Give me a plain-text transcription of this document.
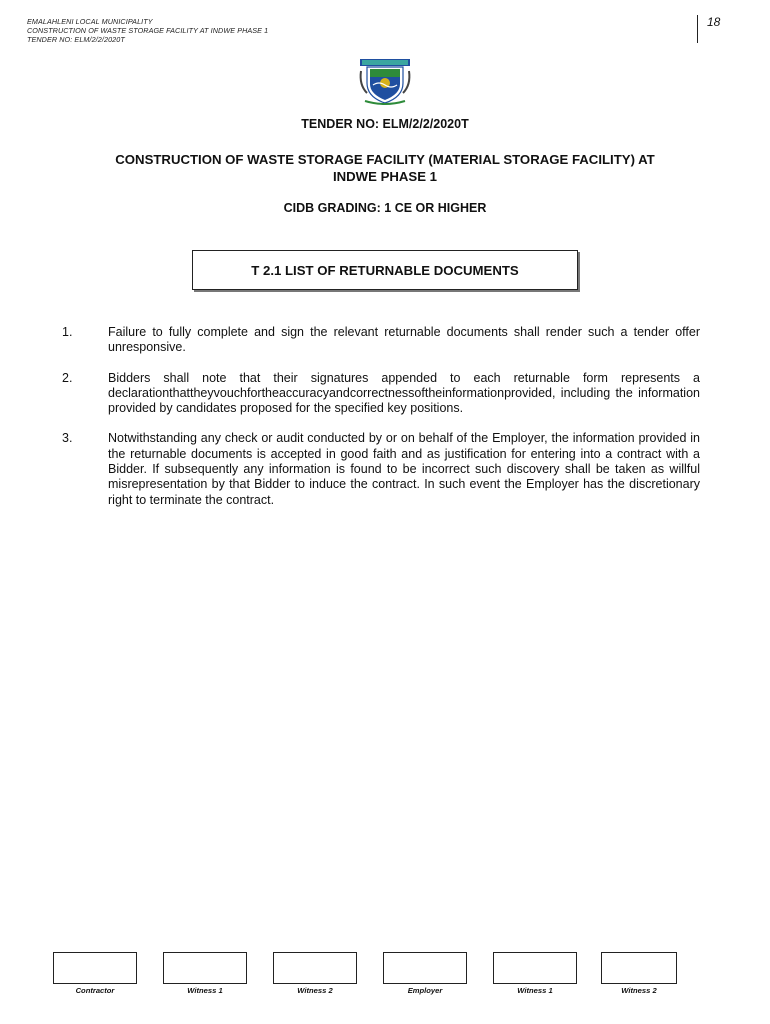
EMALAHLENI LOCAL MUNICIPALITY
CONSTRUCTION OF WASTE STORAGE FACILITY AT INDWE PHASE 1
TENDER NO: ELM/2/2/2020T
18
TENDER NO: ELM/2/2/2020T
CONSTRUCTION OF WASTE STORAGE FACILITY (MATERIAL STORAGE FACILITY) AT
INDWE PHASE 1
CIDB GRADING: 1 CE OR HIGHER
T 2.1 LIST OF RETURNABLE DOCUMENTS
1.	Failure to fully complete and sign the relevant returnable documents shall render such a tender offer unresponsive.
2.	Bidders shall note that their signatures appended to each returnable form represents a declarationthattheyvouchfortheaccuracyandcorrectnessoftheinformationprovided, including the information provided by candidates proposed for the specified key positions.
3.	Notwithstanding any check or audit conducted by or on behalf of the Employer, the information provided in the returnable documents is accepted in good faith and as justification for entering into a contract with a Bidder. If subsequently any information is found to be incorrect such discovery shall be taken as willful misrepresentation by that Bidder to induce the contract. In such event the Employer has the discretionary right to terminate the contract.
Contractor	Witness 1	Witness 2	Employer	Witness 1	Witness 2
